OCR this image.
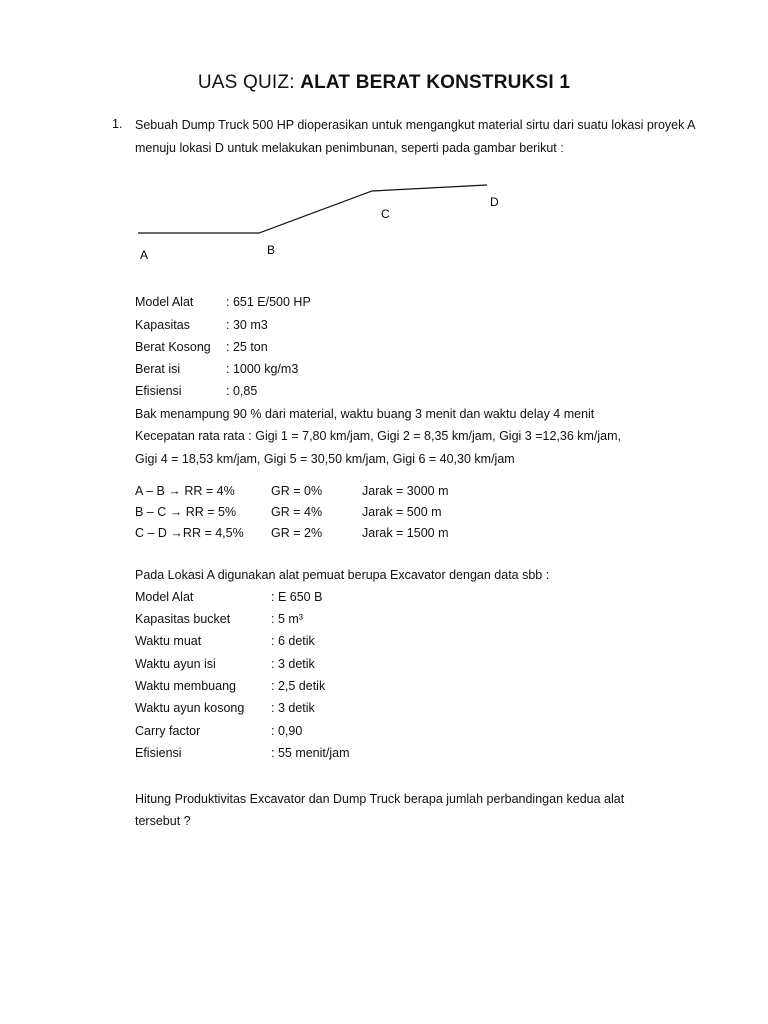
UAS QUIZ: ALAT BERAT KONSTRUKSI 1
1. Sebuah Dump Truck 500 HP dioperasikan untuk mengangkut material sirtu dari suatu lokasi proyek A menuju lokasi D untuk melakukan penimbunan, seperti pada gambar berikut :
A	B
C
D
Model Alat	: 651 E/500 HP
Kapasitas	: 30 m3
Berat Kosong : 25 ton
Berat isi	: 1000 kg/m3
Efisiensi	: 0,85
Bak menampung 90 % dari material, waktu buang 3 menit dan waktu delay 4 menit
Kecepatan rata rata : Gigi 1 = 7,80 km/jam, Gigi 2 = 8,35 km/jam, Gigi 3 =12,36 km/jam,
Gigi 4 = 18,53 km/jam, Gigi 5 = 30,50 km/jam, Gigi 6 = 40,30 km/jam
A – B → RR = 4%	GR = 0%	Jarak = 3000 m
B – C → RR = 5%	GR = 4%	Jarak = 500 m
C – D →RR = 4,5% GR = 2%	Jarak = 1500 m
Pada Lokasi A digunakan alat pemuat berupa Excavator dengan data sbb :
Model Alat	: E 650 B
Kapasitas bucket	: 5 m³
Waktu muat	: 6 detik
Waktu ayun isi	: 3 detik
Waktu membuang	: 2,5 detik
Waktu ayun kosong : 3 detik
Carry factor	: 0,90
Efisiensi	: 55 menit/jam
Hitung Produktivitas Excavator dan Dump Truck berapa jumlah perbandingan kedua alat
tersebut ?
